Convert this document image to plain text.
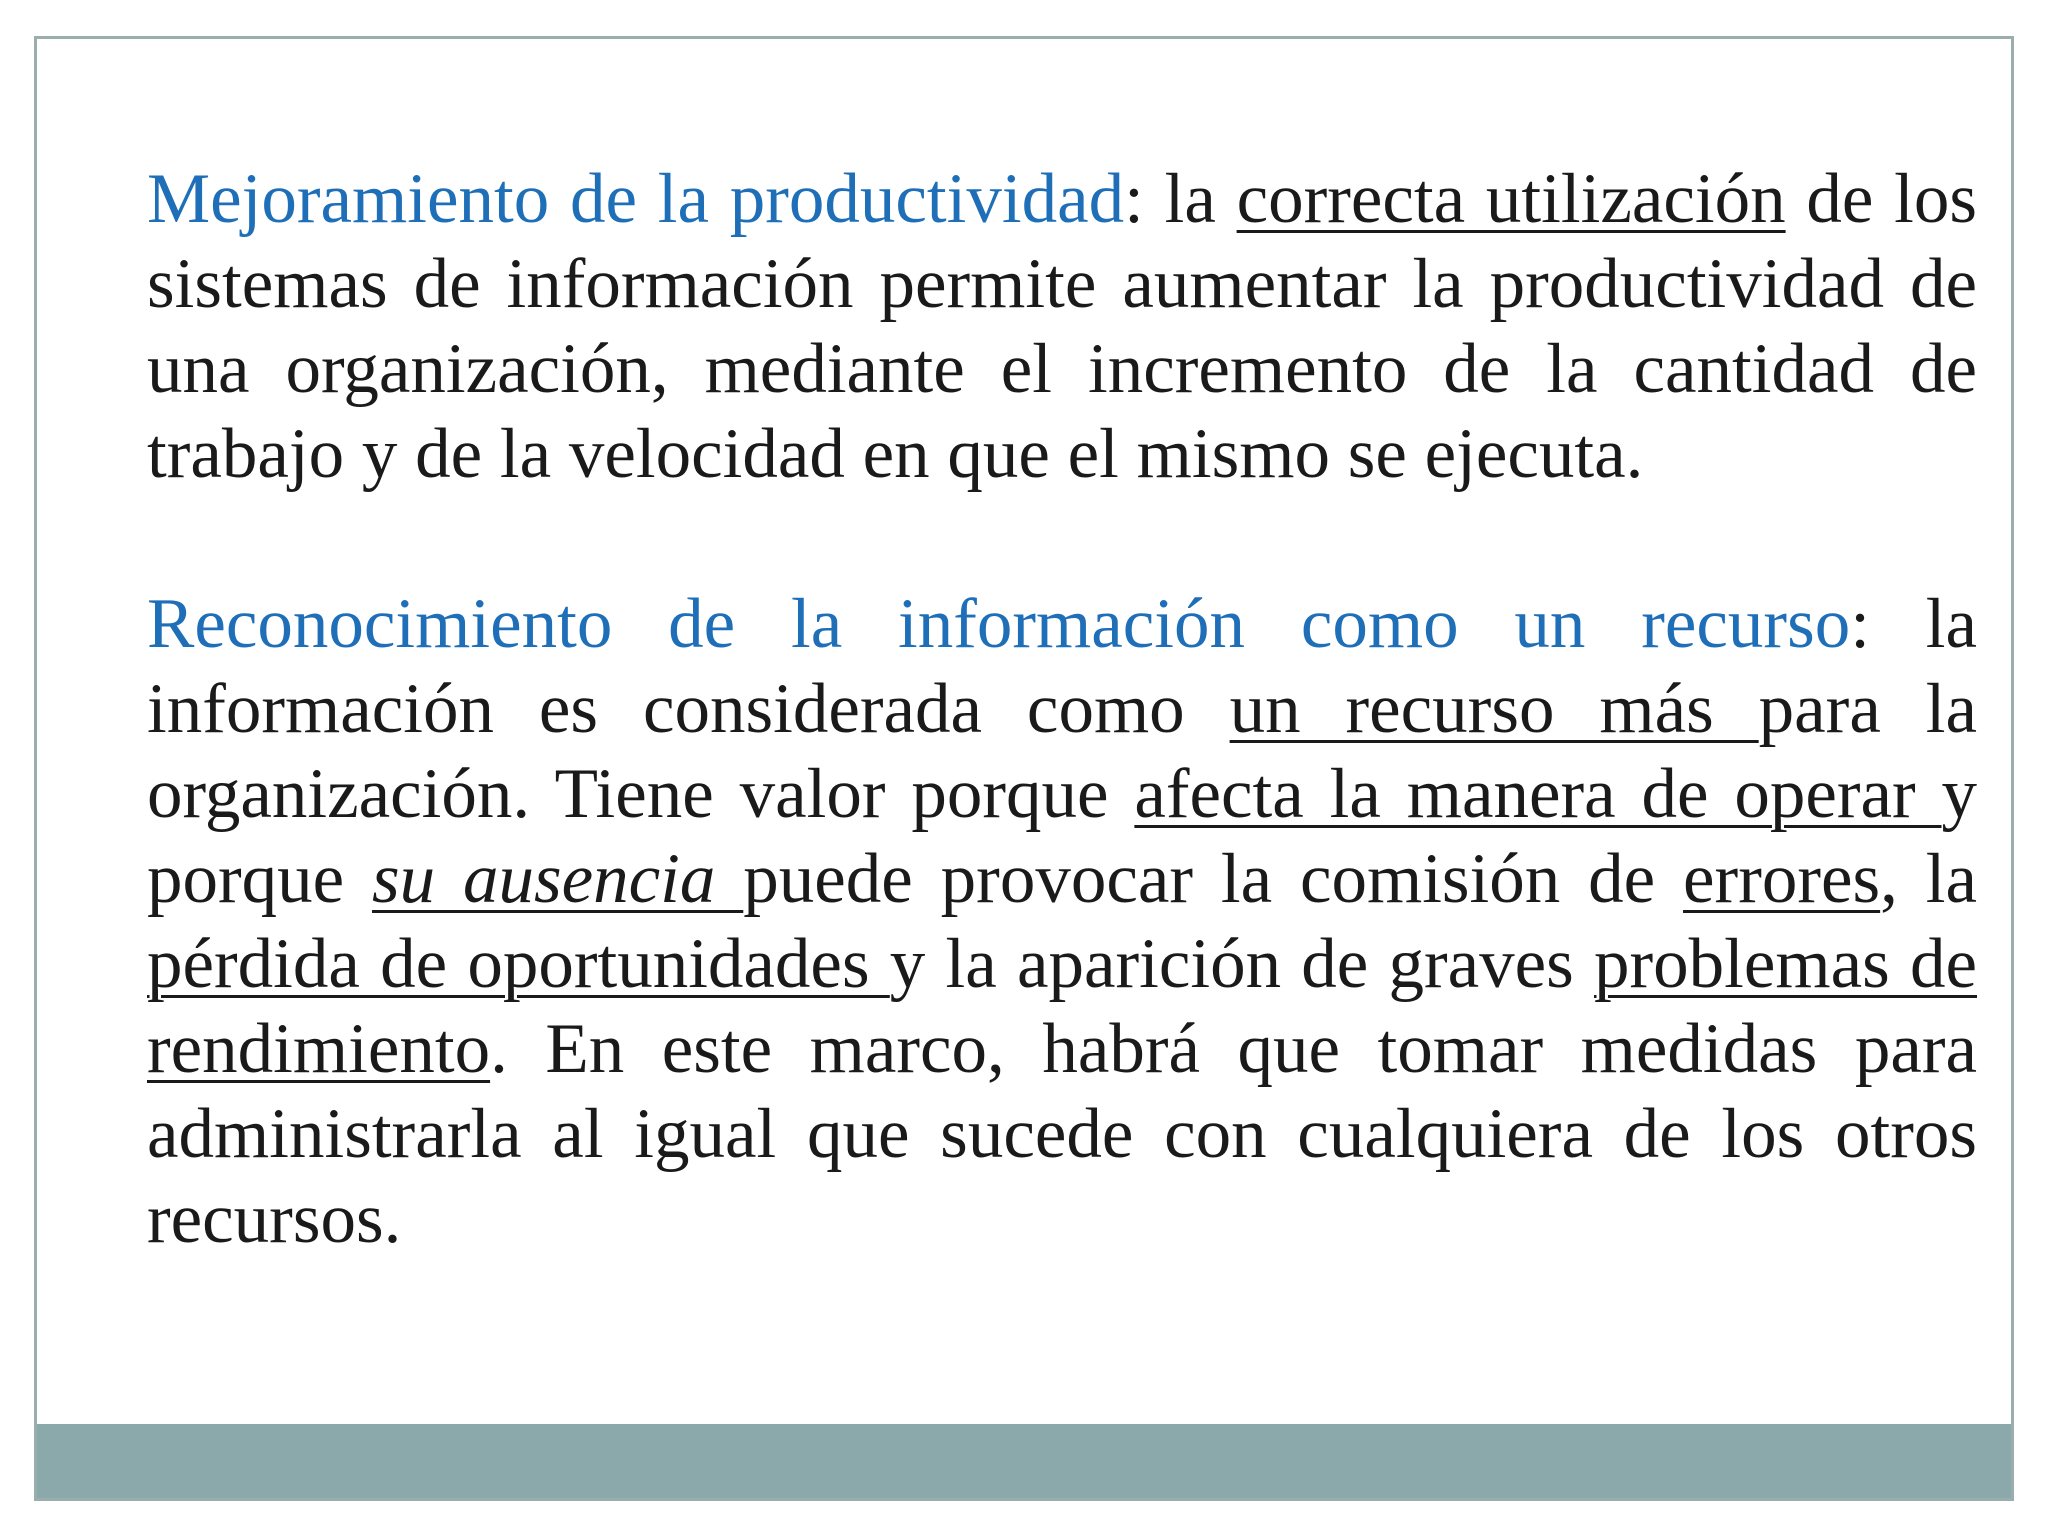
Mejoramiento de la productividad: la correcta utilización de los sistemas de información permite aumentar la productividad de una organización, mediante el incremento de la cantidad de trabajo y de la velocidad en que el mismo se ejecuta.

Reconocimiento de la información como un recurso: la información es considerada como un recurso más para la organización. Tiene valor porque afecta la manera de operar y porque su ausencia puede provocar la comisión de errores, la pérdida de oportunidades y la aparición de graves problemas de rendimiento. En este marco, habrá que tomar medidas para administrarla al igual que sucede con cualquiera de los otros recursos.
